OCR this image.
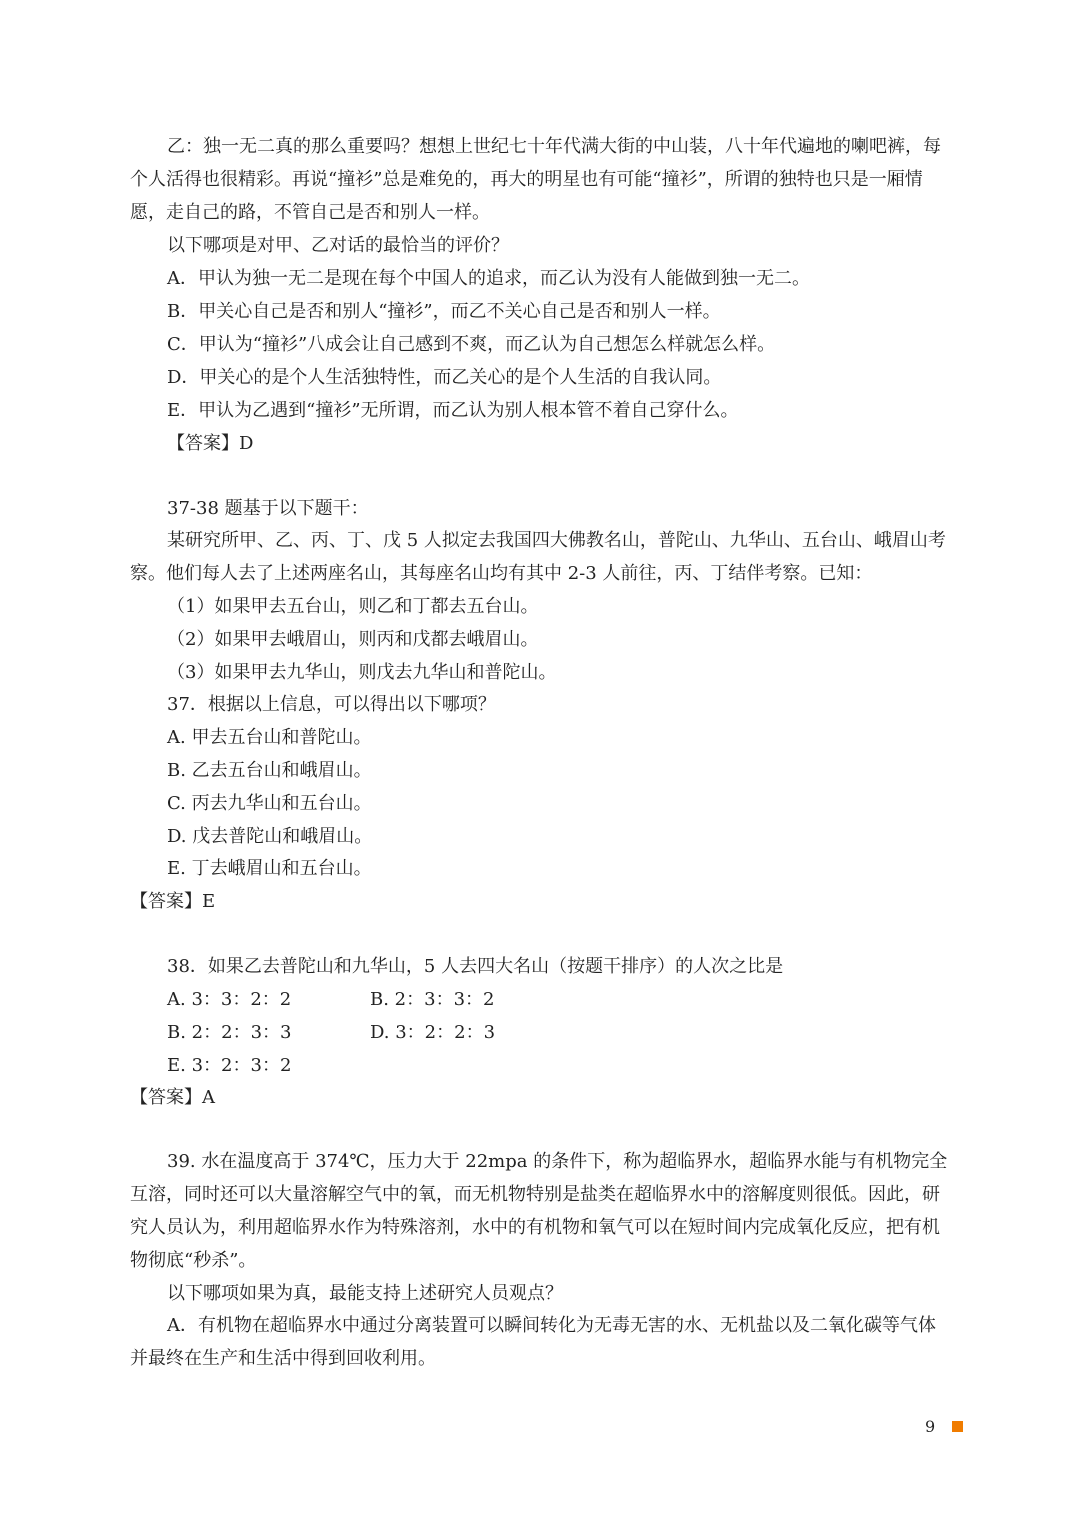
乙：独一无二真的那么重要吗？想想上世纪七十年代满大街的中山装，八十年代遍地的喇吧裤，每个人活得也很精彩。再说“撞衫”总是难免的，再大的明星也有可能“撞衫”，所谓的独特也只是一厢情愿，走自己的路，不管自己是否和别人一样。

以下哪项是对甲、乙对话的最恰当的评价？

A．甲认为独一无二是现在每个中国人的追求，而乙认为没有人能做到独一无二。

B．甲关心自己是否和别人“撞衫”，而乙不关心自己是否和别人一样。

C．甲认为“撞衫”八成会让自己感到不爽，而乙认为自己想怎么样就怎么样。

D．甲关心的是个人生活独特性，而乙关心的是个人生活的自我认同。

E．甲认为乙遇到“撞衫”无所谓，而乙认为别人根本管不着自己穿什么。

【答案】D

37-38 题基于以下题干：

某研究所甲、乙、丙、丁、戊 5 人拟定去我国四大佛教名山，普陀山、九华山、五台山、峨眉山考察。他们每人去了上述两座名山，其每座名山均有其中 2-3 人前往，丙、丁结伴考察。已知：

（1）如果甲去五台山，则乙和丁都去五台山。

（2）如果甲去峨眉山，则丙和戊都去峨眉山。

（3）如果甲去九华山，则戊去九华山和普陀山。

37．根据以上信息，可以得出以下哪项？

A. 甲去五台山和普陀山。

B. 乙去五台山和峨眉山。

C. 丙去九华山和五台山。

D. 戊去普陀山和峨眉山。

E. 丁去峨眉山和五台山。

【答案】E

38．如果乙去普陀山和九华山，5 人去四大名山（按题干排序）的人次之比是

A. 3：3：2：2	B. 2：3：3：2

B. 2：2：3：3	D. 3：2：2：3

E. 3：2：3：2

【答案】A

39. 水在温度高于 374℃，压力大于 22mpa 的条件下，称为超临界水，超临界水能与有机物完全互溶，同时还可以大量溶解空气中的氧，而无机物特别是盐类在超临界水中的溶解度则很低。因此，研究人员认为，利用超临界水作为特殊溶剂，水中的有机物和氧气可以在短时间内完成氧化反应，把有机物彻底“秒杀”。

以下哪项如果为真，最能支持上述研究人员观点？

A．有机物在超临界水中通过分离装置可以瞬间转化为无毒无害的水、无机盐以及二氧化碳等气体并最终在生产和生活中得到回收利用。

9
